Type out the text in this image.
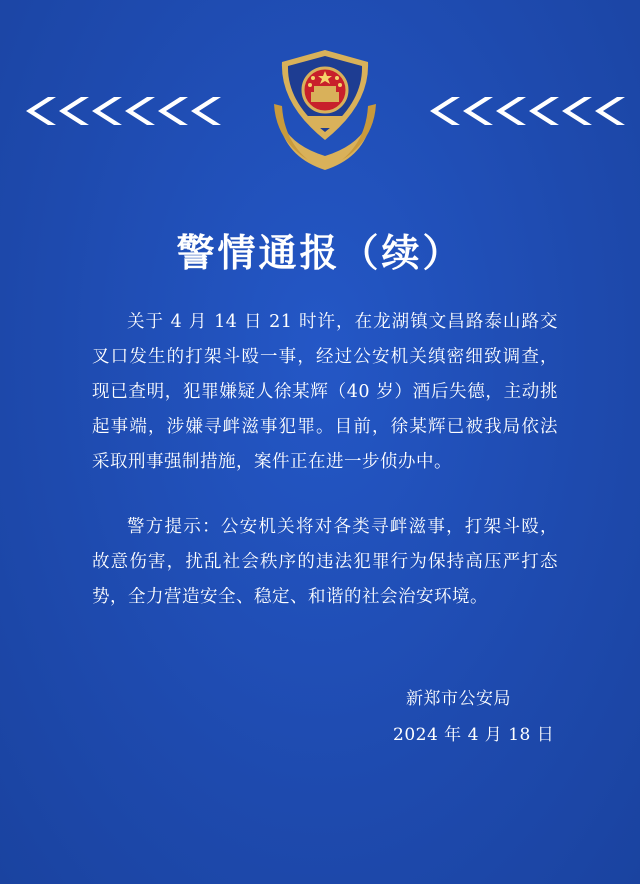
警情通报（续）

关于 4 月 14 日 21 时许，在龙湖镇文昌路泰山路交叉口发生的打架斗殴一事，经过公安机关缜密细致调查，现已查明，犯罪嫌疑人徐某辉（40 岁）酒后失德，主动挑起事端，涉嫌寻衅滋事犯罪。目前，徐某辉已被我局依法采取刑事强制措施，案件正在进一步侦办中。

警方提示：公安机关将对各类寻衅滋事，打架斗殴，故意伤害，扰乱社会秩序的违法犯罪行为保持高压严打态势，全力营造安全、稳定、和谐的社会治安环境。

新郑市公安局
2024 年 4 月 18 日
